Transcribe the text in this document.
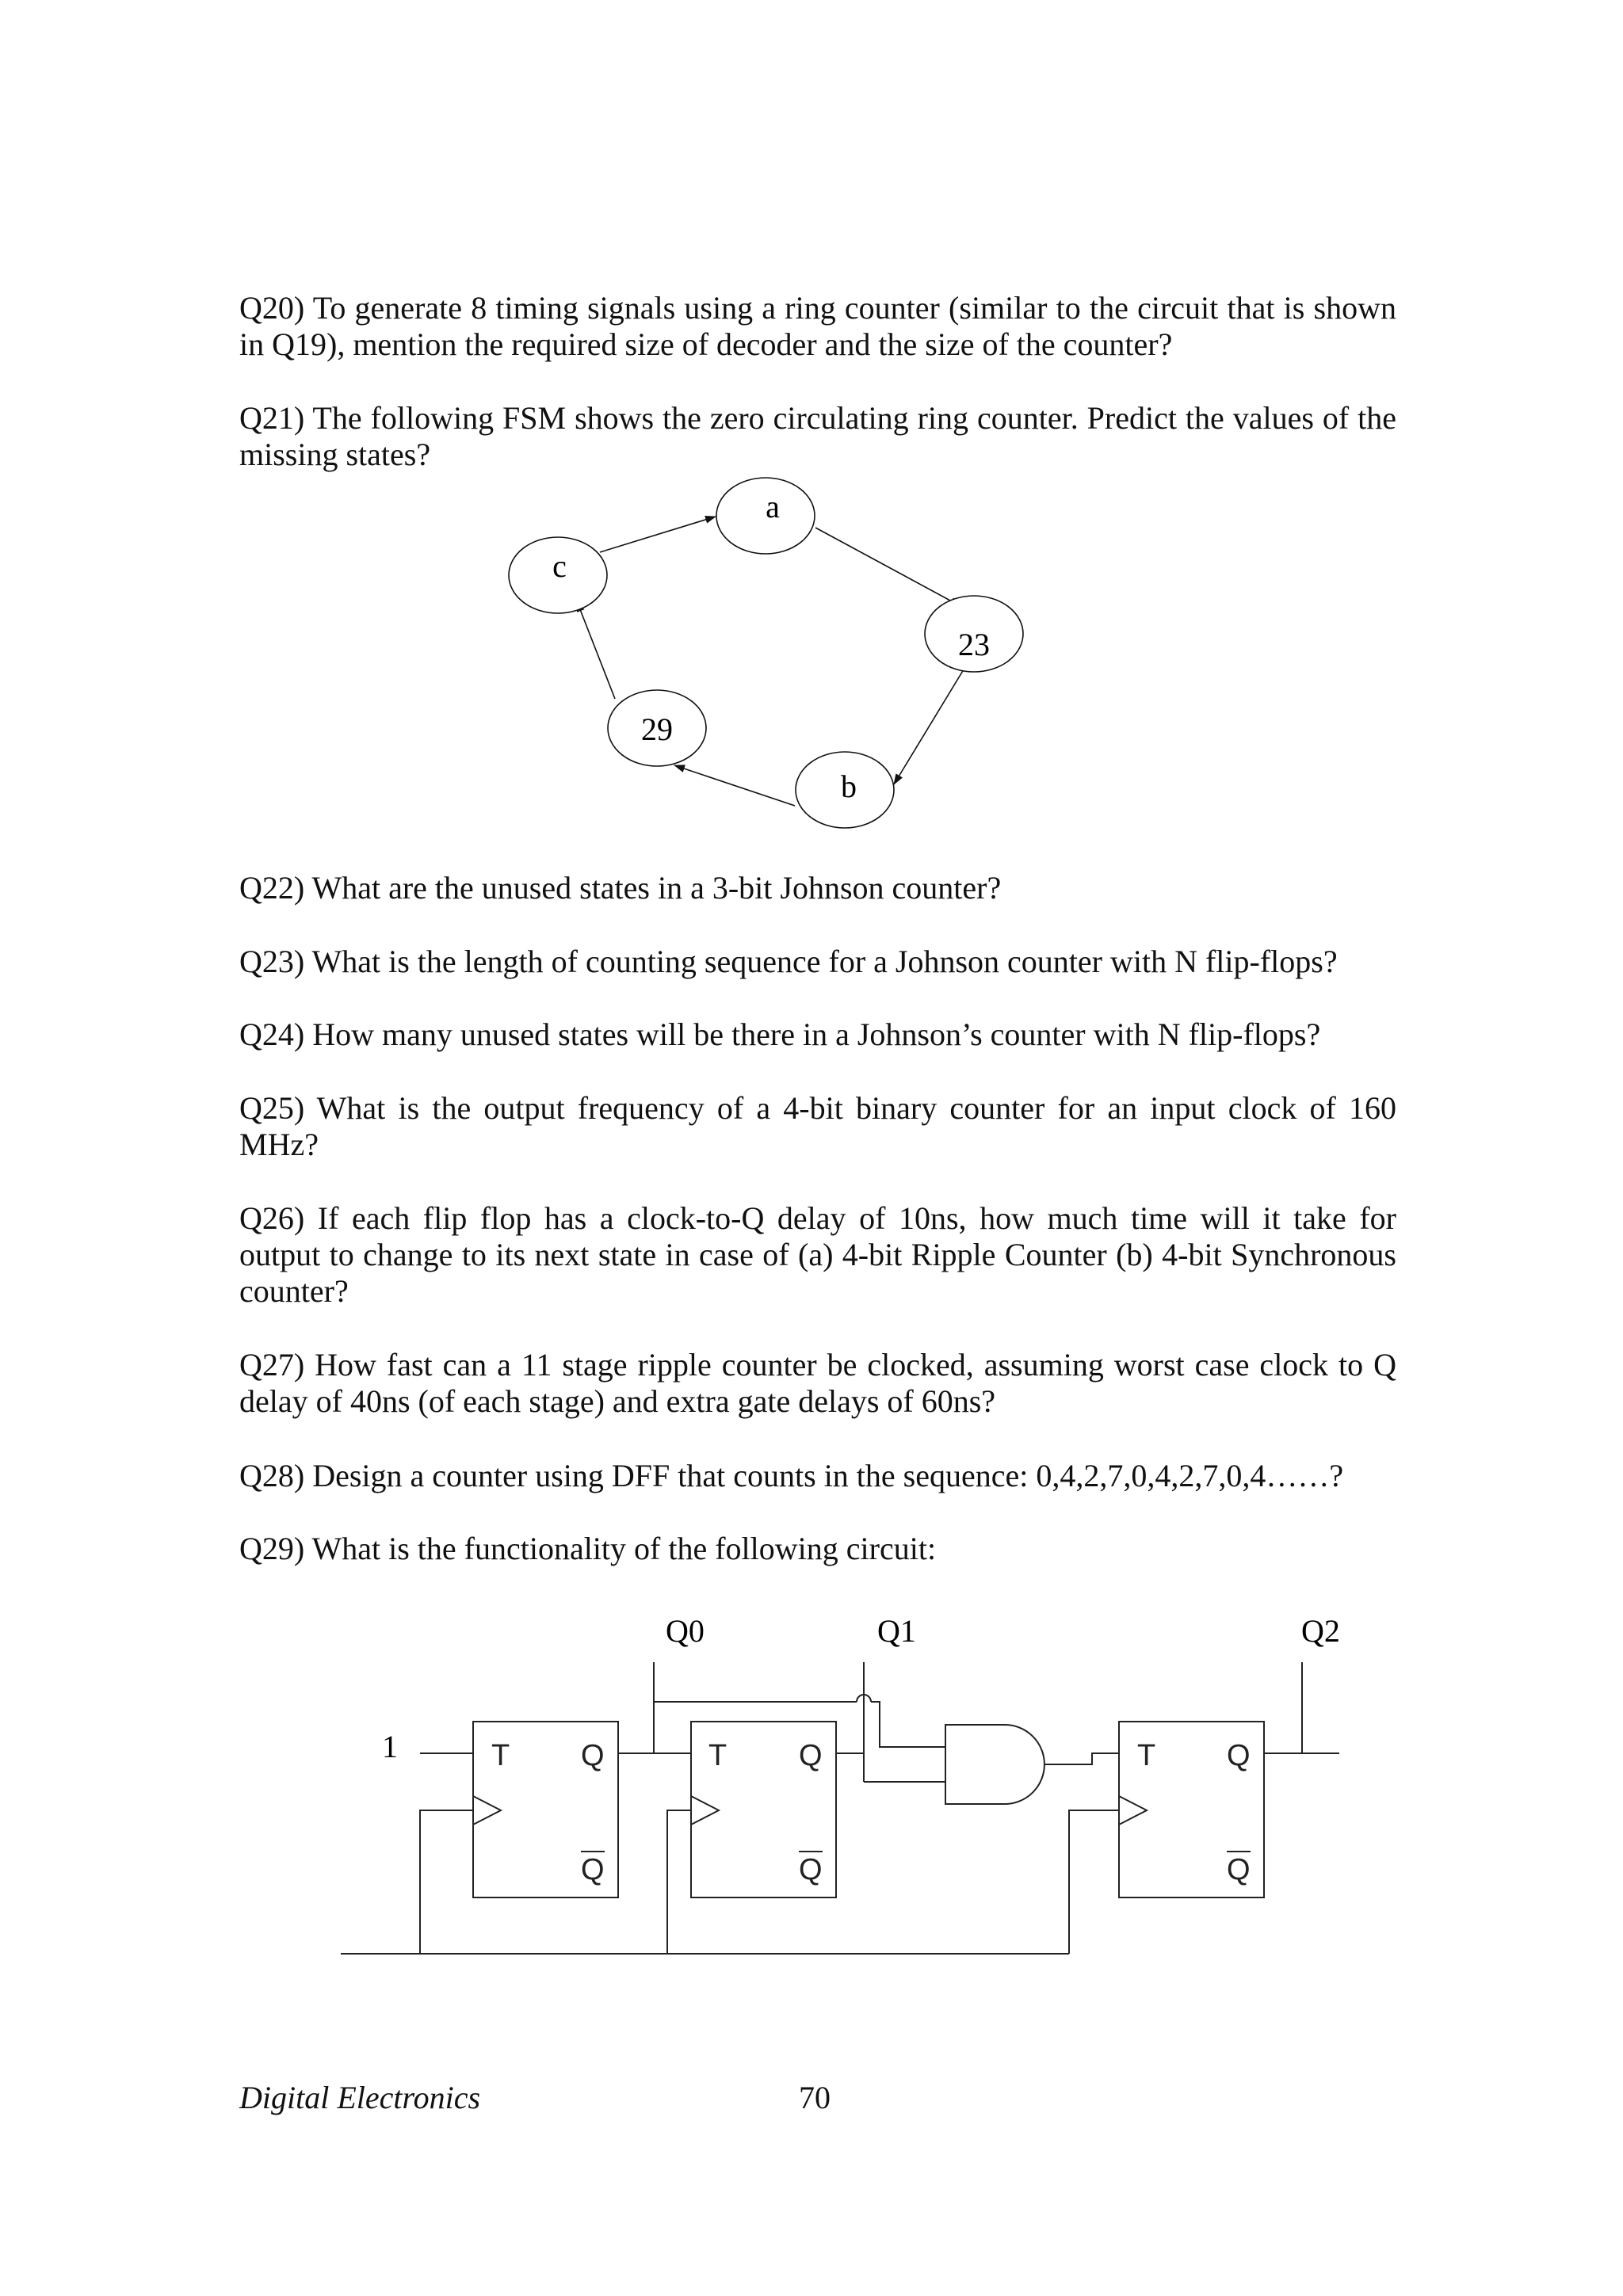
Q20) To generate 8 timing signals using a ring counter (similar to the circuit that is shown in Q19), mention the required size of decoder and the size of the counter?

Q21) The following FSM shows the zero circulating ring counter. Predict the values of the missing states?

a
23
b
29
c

Q22) What are the unused states in a 3-bit Johnson counter?

Q23) What is the length of counting sequence for a Johnson counter with N flip-flops?

Q24) How many unused states will be there in a Johnson’s counter with N flip-flops?

Q25) What is the output frequency of a 4-bit binary counter for an input clock of 160 MHz?

Q26) If each flip flop has a clock-to-Q delay of 10ns, how much time will it take for output to change to its next state in case of (a) 4-bit Ripple Counter (b) 4-bit Synchronous counter?

Q27) How fast can a 11 stage ripple counter be clocked, assuming worst case clock to Q delay of 40ns (of each stage) and extra gate delays of 60ns?

Q28) Design a counter using DFF that counts in the sequence: 0,4,2,7,0,4,2,7,0,4……?

Q29) What is the functionality of the following circuit:

1
Q0	Q1	Q2
T Q
Q
T Q
Q
T Q
Q
Digital Electronics	70
